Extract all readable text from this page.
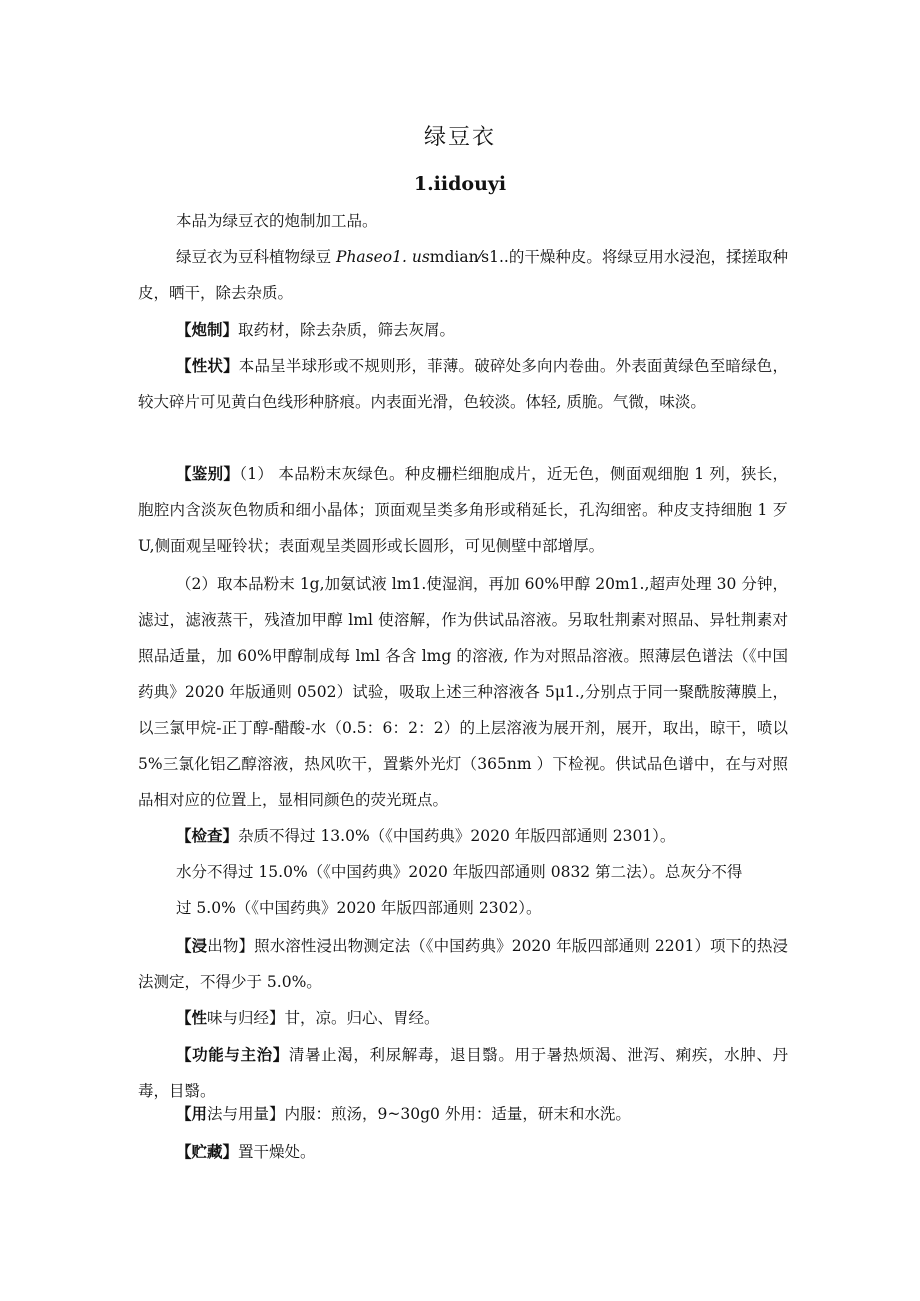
绿豆衣
1.iidouyi
本品为绿豆衣的炮制加工品。
绿豆衣为豆科植物绿豆 Phaseo1. usmdian⁄s1..的干燥种皮。将绿豆用水浸泡，揉搓取种皮，晒干，除去杂质。
【炮制】取药材，除去杂质，筛去灰屑。
【性状】本品呈半球形或不规则形，菲薄。破碎处多向内卷曲。外表面黄绿色至暗绿色，较大碎片可见黄白色线形种脐痕。内表面光滑，色较淡。体轻, 质脆。气微，味淡。
【鉴别】（1） 本品粉末灰绿色。种皮栅栏细胞成片，近无色，侧面观细胞 1 列，狭长，胞腔内含淡灰色物质和细小晶体；顶面观呈类多角形或稍延长，孔沟细密。种皮支持细胞 1 歹 U,侧面观呈哑铃状；表面观呈类圆形或长圆形，可见侧壁中部增厚。
（2）取本品粉末 1g,加氨试液 lm1.使湿润，再加 60%甲醇 20m1.,超声处理 30 分钟，滤过，滤液蒸干，残渣加甲醇 lml 使溶解，作为供试品溶液。另取牡荆素对照品、异牡荆素对照品适量，加 60%甲醇制成每 lml 各含 lmg 的溶液, 作为对照品溶液。照薄层色谱法（《中国药典》2020 年版通则 0502）试验，吸取上述三种溶液各 5μ1.,分别点于同一聚酰胺薄膜上，以三氯甲烷-正丁醇-醋酸-水（0.5：6：2：2）的上层溶液为展开剂，展开，取出，晾干，喷以 5%三氯化铝乙醇溶液，热风吹干，置紫外光灯（365nm ）下检视。供试品色谱中，在与对照品相对应的位置上，显相同颜色的荧光斑点。
【检查】杂质不得过 13.0%（《中国药典》2020 年版四部通则 2301）。
水分不得过 15.0%（《中国药典》2020 年版四部通则 0832 第二法）。总灰分不得
过 5.0%（《中国药典》2020 年版四部通则 2302）。
【浸出物】照水溶性浸出物测定法（《中国药典》2020 年版四部通则 2201）项下的热浸法测定，不得少于 5.0%。
【性味与归经】甘，凉。归心、胃经。
【功能与主治】清暑止渴，利尿解毒，退目翳。用于暑热烦渴、泄泻、痢疾，水肿、丹毒，目翳。
【用法与用量】内服：煎汤，9~30g0 外用：适量，研末和水洗。
【贮藏】置干燥处。
